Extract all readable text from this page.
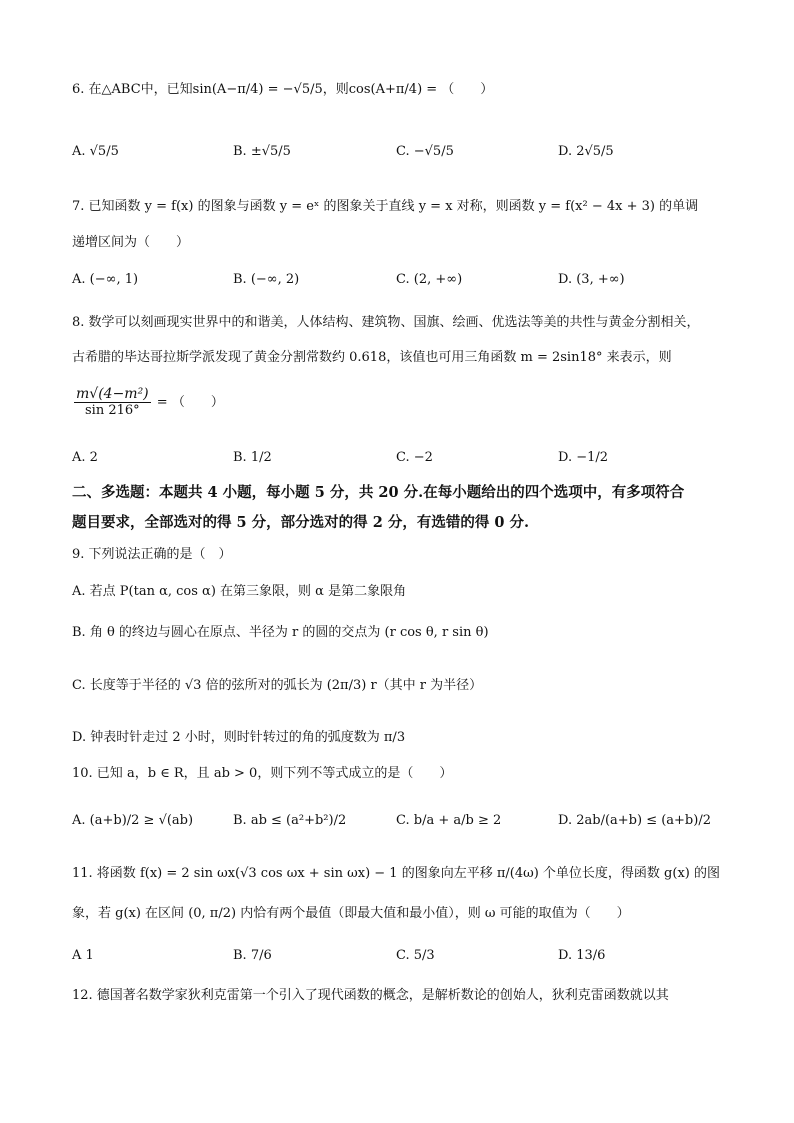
6. 在△ABC中，已知sin(A−π/4) = −√5/5，则cos(A+π/4) = （　　）
A. √5/5	B. ±√5/5	C. −√5/5	D. 2√5/5
7. 已知函数 y = f(x) 的图象与函数 y = eˣ 的图象关于直线 y = x 对称，则函数 y = f(x² − 4x + 3) 的单调
递增区间为（　　）
A. (−∞, 1)	B. (−∞, 2)	C. (2, +∞)	D. (3, +∞)
8. 数学可以刻画现实世界中的和谐美，人体结构、建筑物、国旗、绘画、优选法等美的共性与黄金分割相关，
古希腊的毕达哥拉斯学派发现了黄金分割常数约 0.618，该值也可用三角函数 m = 2sin18° 来表示，则
$\frac{\text{m√(4−m²)}}{\sin 216^\circ}$ = （　　）
A. 2	B. 1/2	C. −2	D. −1/2
二、多选题：本题共 4 小题，每小题 5 分，共 20 分.在每小题给出的四个选项中，有多项符合
题目要求，全部选对的得 5 分，部分选对的得 2 分，有选错的得 0 分.
9. 下列说法正确的是（　）
A. 若点 P(tan α, cos α) 在第三象限，则 α 是第二象限角
B. 角 θ 的终边与圆心在原点、半径为 r 的圆的交点为 (r cos θ, r sin θ)
C. 长度等于半径的 √3 倍的弦所对的弧长为 (2π/3) r（其中 r 为半径）
D. 钟表时针走过 2 小时，则时针转过的角的弧度数为 π/3
10. 已知 a，b ∈ R，且 ab > 0，则下列不等式成立的是（　　）
A. (a+b)/2 ≥ √(ab)	B. ab ≤ (a²+b²)/2	C. b/a + a/b ≥ 2	D. 2ab/(a+b) ≤ (a+b)/2
11. 将函数 f(x) = 2 sin ωx(√3 cos ωx + sin ωx) − 1 的图象向左平移 π/(4ω) 个单位长度，得函数 g(x) 的图
象，若 g(x) 在区间 (0, π/2) 内恰有两个最值（即最大值和最小值），则 ω 可能的取值为（　　）
A 1	B. 7/6	C. 5/3	D. 13/6
12. 德国著名数学家狄利克雷第一个引入了现代函数的概念，是解析数论的创始人，狄利克雷函数就以其
